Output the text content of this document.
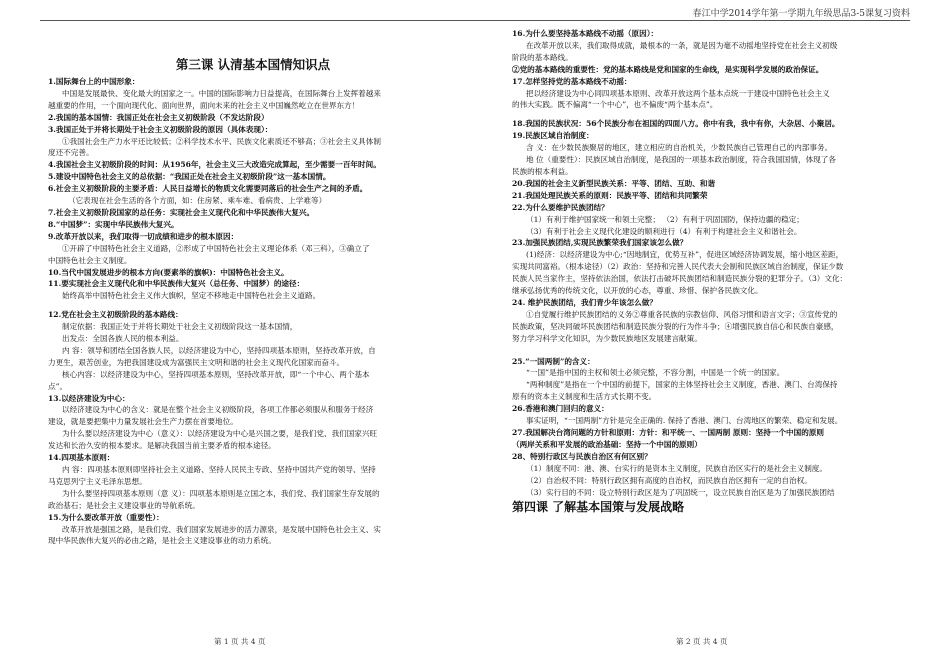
春江中学2014学年第一学期九年级思品3-5课复习资料
第三课 认清基本国情知识点
1.国际舞台上的中国形象：
中国是发展最快、变化最大的国家之一。中国的国际影响力日益提高，在国际舞台上发挥着越来
越重要的作用，一个面向现代化、面向世界，面向未来的社会主义中国巍然屹立在世界东方！
2.我国的基本国情：我国正处在社会主义初级阶段（不发达阶段）
3.我国正处于并将长期处于社会主义初级阶段的原因（具体表现）：
①我国社会生产力水平还比较低；②科学技术水平、民族文化素质还不够高；③社会主义具体制
度还不完善。
4.我国社会主义初级阶段的时间：从1956年，社会主义三大改造完成算起，至少需要一百年时间。
5.建设中国特色社会主义的总依据：“我国正处在社会主义初级阶段”这一基本国情。
6.社会主义初级阶段的主要矛盾：人民日益增长的物质文化需要同落后的社会生产之间的矛盾。
（它表现在社会生活的各个方面，如：住房紧、乘车难、看病贵、上学难等）
7.社会主义初级阶段国家的总任务：实现社会主义现代化和中华民族伟大复兴。
8.“中国梦”：实现中华民族伟大复兴。
9.改革开放以来，我们取得一切成绩和进步的根本原因：
①开辟了中国特色社会主义道路，②形成了中国特色社会主义理论体系（邓三科），③确立了
中国特色社会主义制度。
10.当代中国发展进步的根本方向(要素举的旗帜)：中国特色社会主义。
11.要实现社会主义现代化和中华民族伟大复兴（总任务、中国梦）的途径：
始终高举中国特色社会主义伟大旗帜，坚定不移地走中国特色社会主义道路。
12.党在社会主义初级阶段的基本路线：
制定依据：我国正处于并将长期处于社会主义初级阶段这一基本国情，
出发点：全国各族人民的根本利益。
内 容：领导和团结全国各族人民，以经济建设为中心，坚持四项基本原则，坚持改革开放，自
力更生，艰苦创业，为把我国建设成为富强民主文明和谐的社会主义现代化国家而奋斗。
核心内容：以经济建设为中心，坚持四项基本原则，坚持改革开放，即“一个中心、两个基本
点”。
13.以经济建设为中心：
以经济建设为中心的含义：就是在整个社会主义初级阶段，各项工作都必须服从和服务于经济
建设，就是要把集中力量发展社会生产力摆在首要地位。
为什么要以经济建设为中心（意义）：以经济建设为中心是兴国之要，是我们党、我们国家兴旺
发达和长治久安的根本要求。是解决我国当前主要矛盾的根本途径。
14.四项基本原则：
内 容：四项基本原则即坚持社会主义道路、坚持人民民主专政、坚持中国共产党的领导、坚持
马克思列宁主义毛泽东思想。
为什么要坚持四项基本原则（意 义）：四项基本原则是立国之本，我们党、我们国家生存发展的
政治基石；是社会主义建设事业的导航系统。
15.为什么要改革开放（重要性）：
改革开放是强国之路，是我们党、我们国家发展进步的活力源泉，是发展中国特色社会主义、实
现中华民族伟大复兴的必由之路，是社会主义建设事业的动力系统。
16.为什么要坚持基本路线不动摇（原因）：
在改革开放以来，我们取得成就，最根本的一条，就是因为毫不动摇地坚持党在社会主义初级
阶段的基本路线。
②党的基本路线的重要性：党的基本路线是党和国家的生命线，是实现科学发展的政治保证。
17.怎样坚持党的基本路线不动摇：
把以经济建设为中心同四项基本原则、改革开放这两个基本点统一于建设中国特色社会主义
的伟大实践。既不偏离“一个中心”，也不偏废“两个基本点”。
18.我国的民族状况：56个民族分布在祖国的四面八方。你中有我，我中有你，大杂居、小聚居。
19.民族区域自治制度：
含 义：在少数民族聚居的地区，建立相应的自治机关，少数民族自己管理自己的内部事务。
地 位（重要性）：民族区域自治制度，是我国的一项基本政治制度，符合我国国情，体现了各
民族的根本利益。
20.我国的社会主义新型民族关系：平等、团结、互助、和谐
21.我国处理民族关系的原则：民族平等、团结和共同繁荣
22.为什么要维护民族团结？
（1）有利于维护国家统一和领土完整； （2）有利于巩固国防，保持边疆的稳定；
（3）有利于社会主义现代化建设的顺利进行（4）有利于构建社会主义和谐社会。
23.加强民族团结,实现民族繁荣我们国家该怎么做？
(1)经济：以经济建设为中心;“因地制宜，优势互补”，促进区域经济协调发展，缩小地区差距，
实现共同富裕。（根本途径）（2）政治：坚持和完善人民代表大会制和民族区域自治制度，保证少数
民族人民当家作主，坚持依法治国，依法打击破坏民族团结和制造民族分裂的犯罪分子。（3）文化：
继承弘扬优秀的传统文化，以开放的心态，尊重、珍惜、保护各民族文化。
24. 维护民族团结，我们青少年该怎么做？
①自觉履行维护民族团结的义务②尊重各民族的宗教信仰、风俗习惯和语言文字；③宣传党的
民族政策，坚决同破坏民族团结和制造民族分裂的行为作斗争；④增强民族自信心和民族自豪感，
努力学习科学文化知识，为少数民族地区发展建言献策。
25.“一国两制”的含义：
“一国”是指中国的主权和领土必须完整，不容分割，中国是一个统一的国家。
“两种制度”是指在一个中国的前提下，国家的主体坚持社会主义制度，香港、澳门、台湾保持
原有的资本主义制度和生活方式长期不变。
26.香港和澳门回归的意义：
事实证明，“一国两制”方针是完全正确的. 保持了香港、澳门、台湾地区的繁荣、稳定和发展。
27.我国解决台湾问题的方针和原则：方针：和平统一、一国两制 原则：坚持一个中国的原则
（两岸关系和平发展的政治基础：坚持一个中国的原则）
28、特别行政区与民族自治区有何区别？
（1）制度不同：港、澳、台实行的是资本主义制度，民族自治区实行的是社会主义制度。
（2）自治权不同：特别行政区拥有高度的自治权，而民族自治区拥有一定的自治权。
（3）实行目的不同：设立特别行政区是为了巩固统一，设立民族自治区是为了加强民族团结
第四课 了解基本国策与发展战略
第 1 页 共 4 页	第 2 页 共 4 页
